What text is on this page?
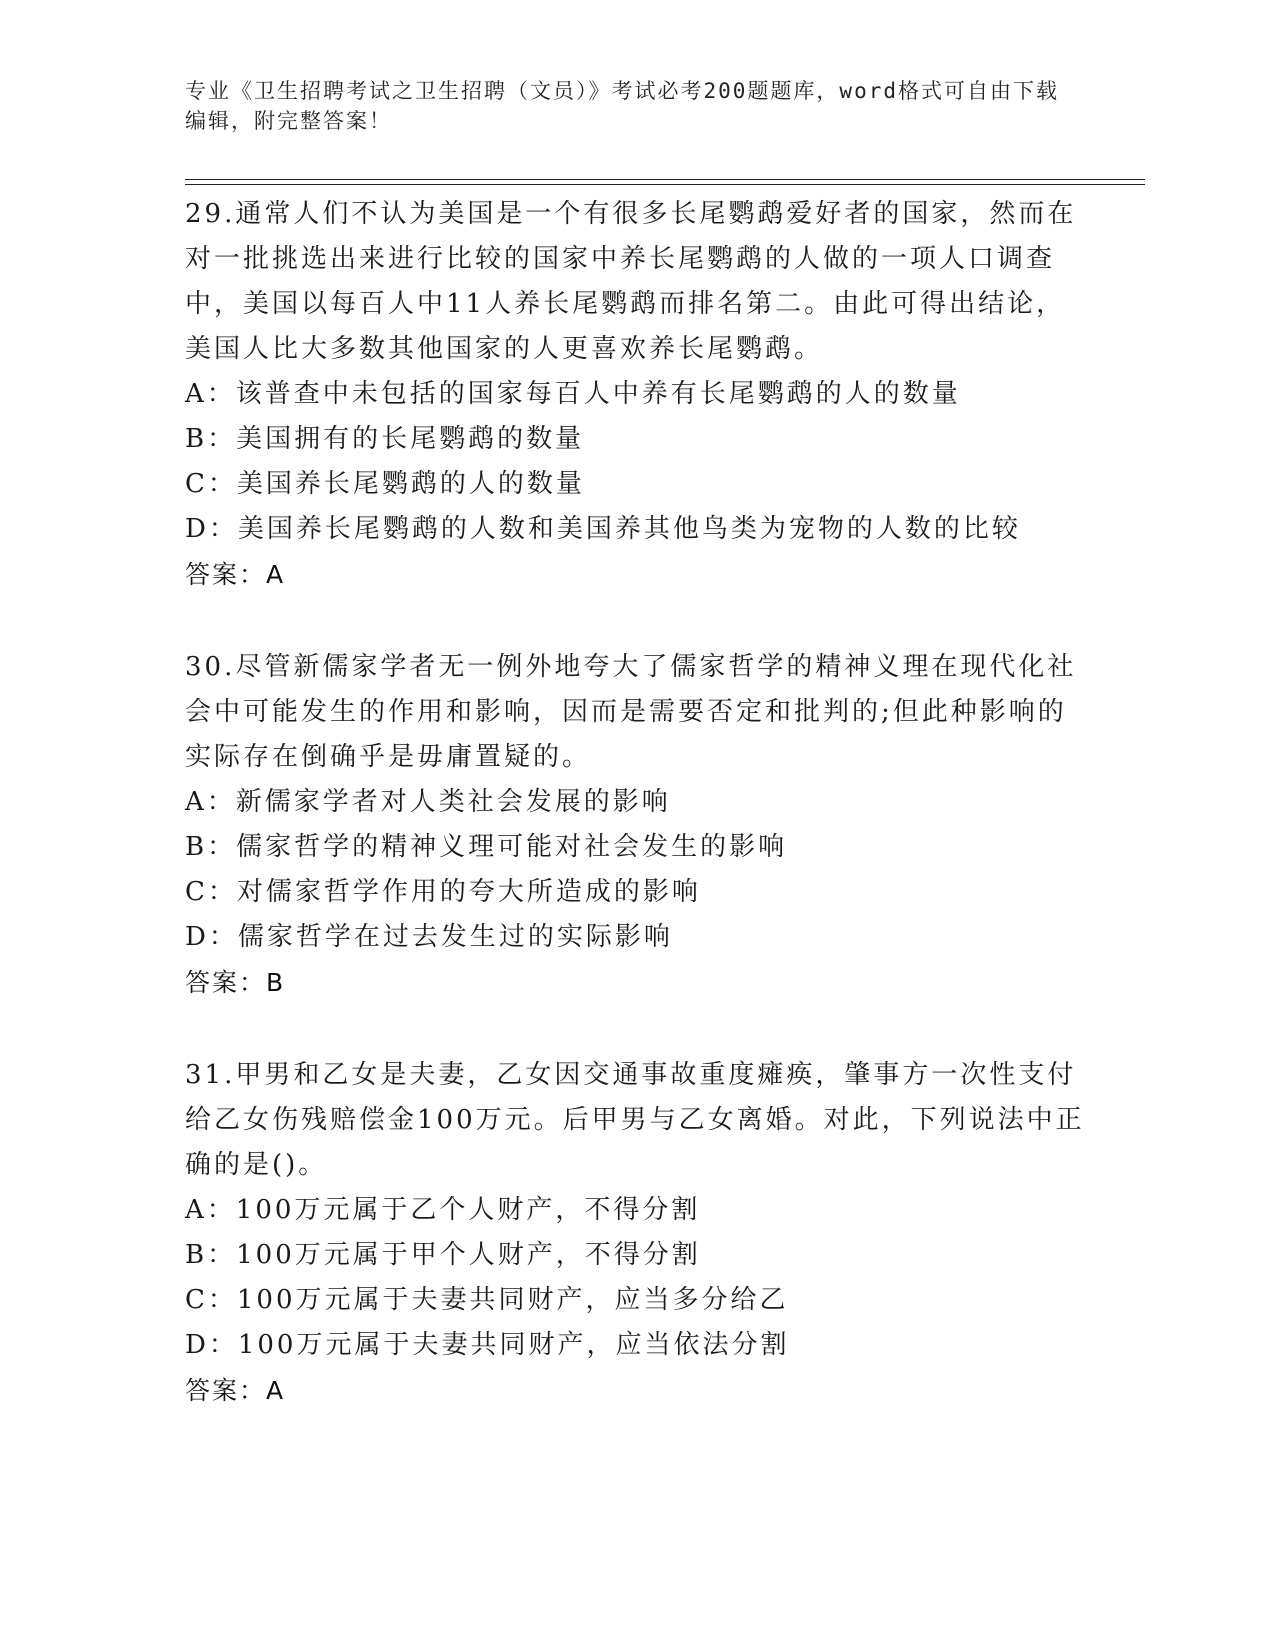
专业《卫生招聘考试之卫生招聘（文员）》考试必考200题题库，word格式可自由下载编辑，附完整答案！
29.通常人们不认为美国是一个有很多长尾鹦鹉爱好者的国家，然而在对一批挑选出来进行比较的国家中养长尾鹦鹉的人做的一项人口调查中，美国以每百人中11人养长尾鹦鹉而排名第二。由此可得出结论，美国人比大多数其他国家的人更喜欢养长尾鹦鹉。
A：该普查中未包括的国家每百人中养有长尾鹦鹉的人的数量
B：美国拥有的长尾鹦鹉的数量
C：美国养长尾鹦鹉的人的数量
D：美国养长尾鹦鹉的人数和美国养其他鸟类为宠物的人数的比较
答案：A
30.尽管新儒家学者无一例外地夸大了儒家哲学的精神义理在现代化社会中可能发生的作用和影响，因而是需要否定和批判的;但此种影响的实际存在倒确乎是毋庸置疑的。
A：新儒家学者对人类社会发展的影响
B：儒家哲学的精神义理可能对社会发生的影响
C：对儒家哲学作用的夸大所造成的影响
D：儒家哲学在过去发生过的实际影响
答案：B
31.甲男和乙女是夫妻，乙女因交通事故重度瘫痪，肇事方一次性支付给乙女伤残赔偿金100万元。后甲男与乙女离婚。对此，下列说法中正确的是()。
A：100万元属于乙个人财产，不得分割
B：100万元属于甲个人财产，不得分割
C：100万元属于夫妻共同财产，应当多分给乙
D：100万元属于夫妻共同财产，应当依法分割
答案：A
